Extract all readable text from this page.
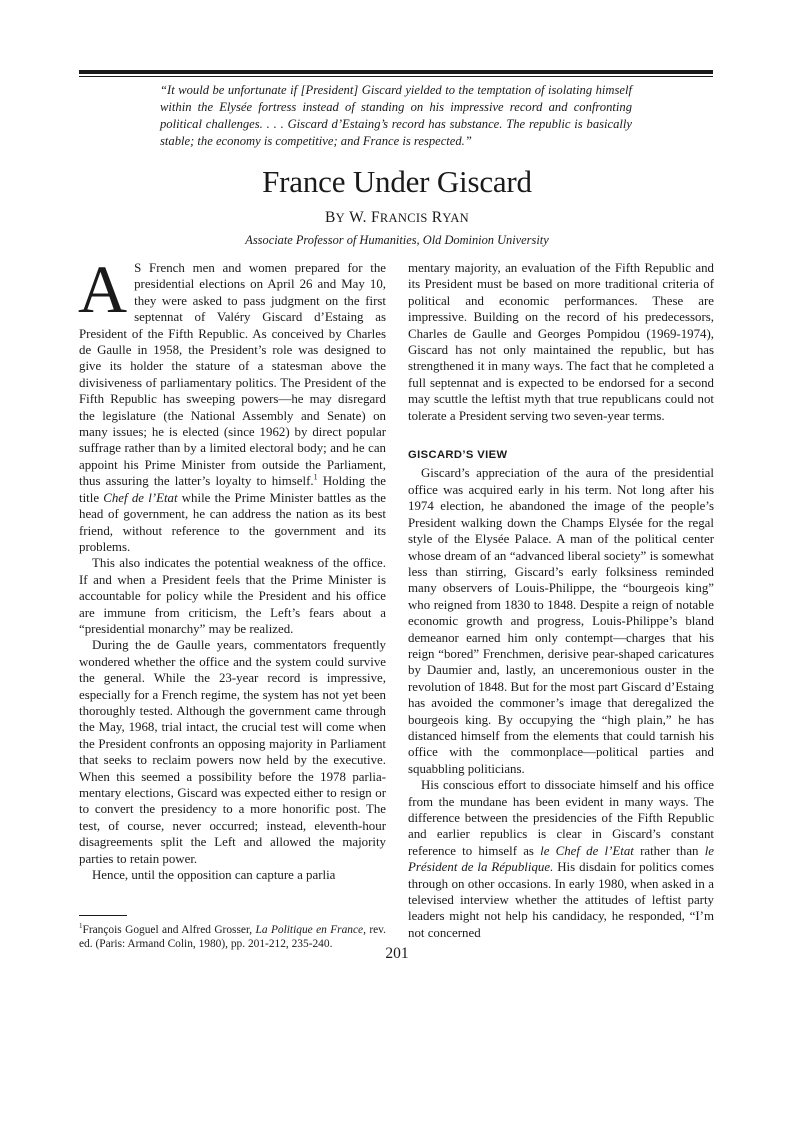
“It would be unfortunate if [President] Giscard yielded to the temptation of isolating himself within the Elysée fortress instead of standing on his impressive record and confronting political challenges. . . . Giscard d’Estaing’s record has substance. The republic is basically stable; the economy is competitive; and France is respected.”
France Under Giscard
BY W. FRANCIS RYAN
Associate Professor of Humanities, Old Dominion University

A S French men and women prepared for the presidential elections on April 26 and May 10, they were asked to pass judgment on the first septennat of Valéry Giscard d’Estaing as President of the Fifth Republic. As conceived by Charles de Gaulle in 1958, the President’s role was designed to give its holder the stature of a statesman above the divisiveness of parliamentary politics. The President of the Fifth Republic has sweeping powers—he may disregard the legislature (the National Assembly and Senate) on many issues; he is elected (since 1962) by direct popular suffrage rather than by a limited electoral body; and he can appoint his Prime Minister from outside the Parliament, thus assuring the latter’s loyalty to himself.$^1$ Holding the title Chef de l’Etat while the Prime Minister battles as the head of government, he can address the nation as its best friend, without reference to the government and its problems.

This also indicates the potential weakness of the office. If and when a President feels that the Prime Minister is accountable for policy while the President and his office are immune from criticism, the Left’s fears about a “presidential monarchy” may be realized.

During the de Gaulle years, commentators frequently wondered whether the office and the system could survive the general. While the 23-year record is impressive, especially for a French regime, the system has not yet been thoroughly tested. Although the government came through the May, 1968, trial intact, the crucial test will come when the President confronts an opposing majority in Parliament that seeks to reclaim powers now held by the executive. When this seemed a possibility before the 1978 parliamentary elections, Giscard was expected either to resign or to convert the presidency to a more honorific post. The test, of course, never occurred; instead, eleventh-hour disagreements split the Left and allowed the majority parties to retain power.

Hence, until the opposition can capture a parlia

mentary majority, an evaluation of the Fifth Republic and its President must be based on more traditional criteria of political and economic performances. These are impressive. Building on the record of his predecessors, Charles de Gaulle and Georges Pompidou (1969-1974), Giscard has not only maintained the republic, but has strengthened it in many ways. The fact that he completed a full septennat and is expected to be endorsed for a second may scuttle the leftist myth that true republicans could not tolerate a President serving two seven-year terms.

GISCARD’S VIEW

Giscard’s appreciation of the aura of the presidential office was acquired early in his term. Not long after his 1974 election, he abandoned the image of the people’s President walking down the Champs Elysée for the regal style of the Elysée Palace. A man of the political center whose dream of an “advanced liberal society” is somewhat less than stirring, Giscard’s early folksiness reminded many observers of Louis-Philippe, the “bourgeois king” who reigned from 1830 to 1848. Despite a reign of notable economic growth and progress, Louis-Philippe’s bland demeanor earned him only contempt—charges that his reign “bored” Frenchmen, derisive pear-shaped caricatures by Daumier and, lastly, an unceremonious ouster in the revolution of 1848. But for the most part Giscard d’Estaing has avoided the commoner’s image that deregalized the bourgeois king. By occupying the “high plain,” he has distanced himself from the elements that could tarnish his office with the commonplace—political parties and squabbling politicians.

His conscious effort to dissociate himself and his office from the mundane has been evident in many ways. The difference between the presidencies of the Fifth Republic and earlier republics is clear in Giscard’s constant reference to himself as le Chef de l’Etat rather than le Président de la République. His disdain for politics comes through on other occasions. In early 1980, when asked in a televised interview whether the attitudes of leftist party leaders might not help his candidacy, he responded, “I’m not concerned

$^1$François Goguel and Alfred Grosser, La Politique en France, rev. ed. (Paris: Armand Colin, 1980), pp. 201-212, 235-240.
201
